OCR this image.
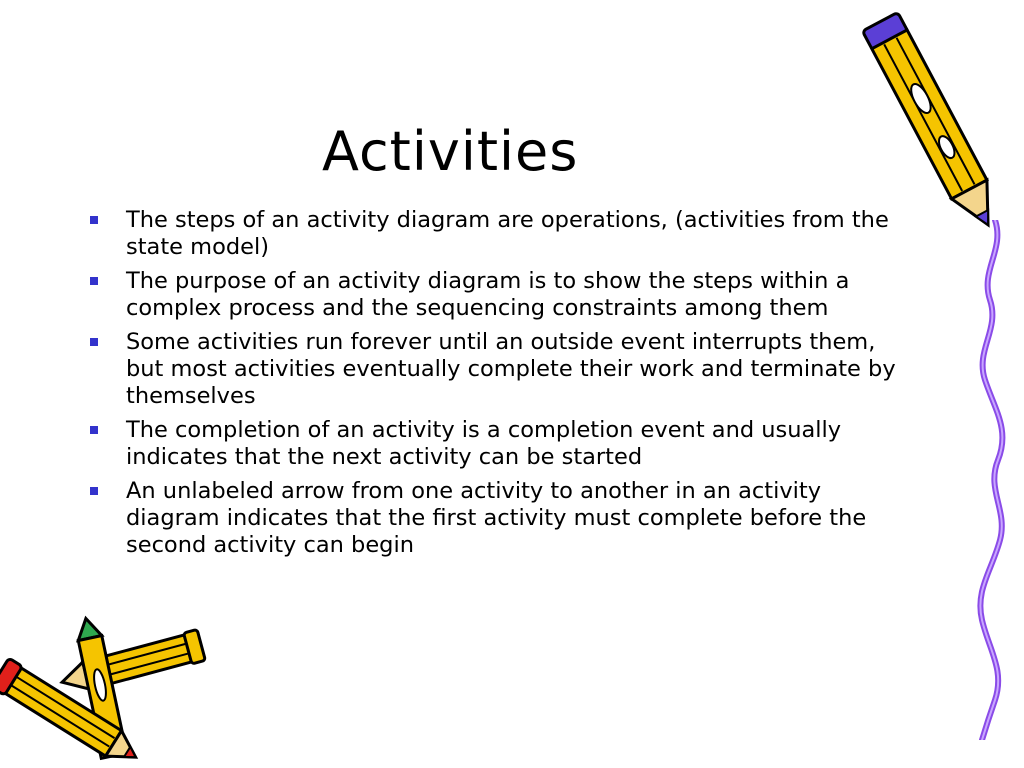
Activities
The steps of an activity diagram are operations, (activities from the state model)
The purpose of an activity diagram is to show the steps within a complex process and the sequencing constraints among them
Some activities run forever until an outside event interrupts them, but most activities eventually complete their work and terminate by themselves
The completion of an activity is a completion event and usually indicates that the next activity can be started
An unlabeled arrow from one activity to another in an activity diagram indicates that the first activity must complete before the second activity can begin
